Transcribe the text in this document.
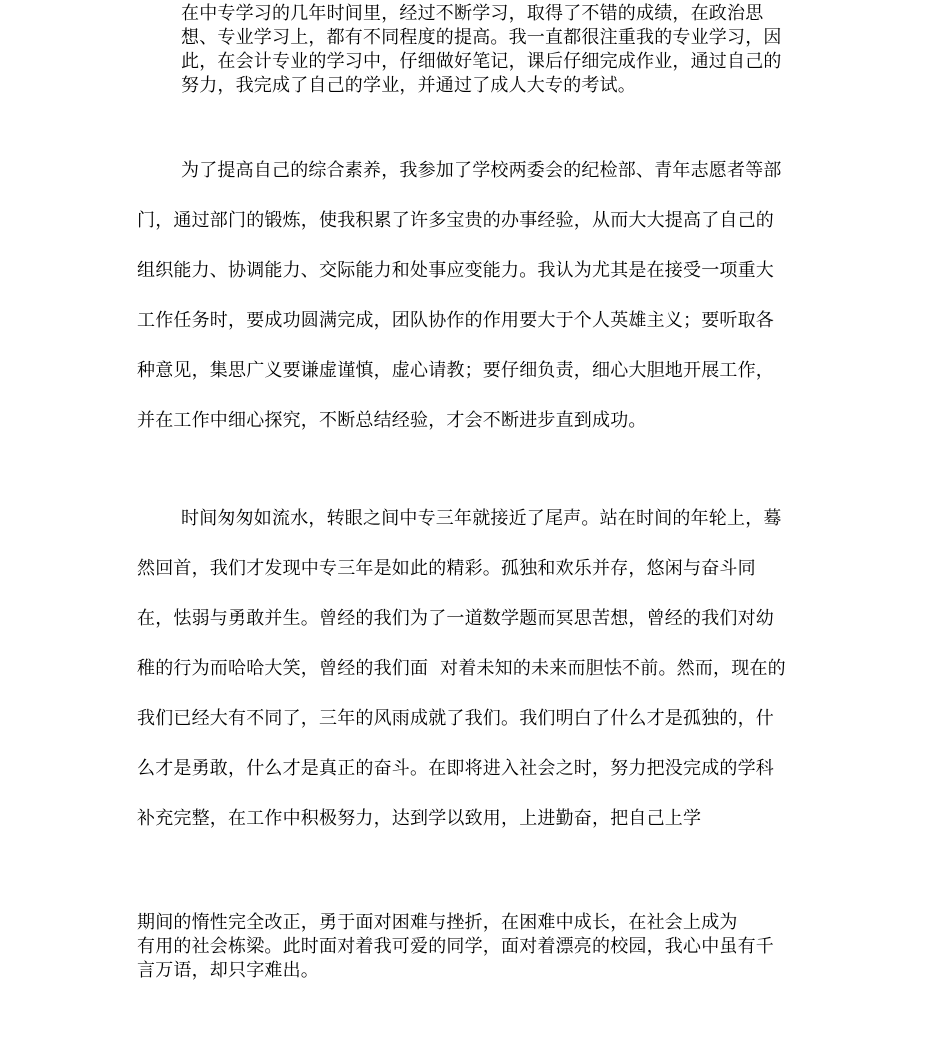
在中专学习的几年时间里，经过不断学习，取得了不错的成绩，在政治思
想、专业学习上，都有不同程度的提高。我一直都很注重我的专业学习，因
此，在会计专业的学习中，仔细做好笔记，课后仔细完成作业，通过自己的
努力，我完成了自己的学业，并通过了成人大专的考试。
为了提高自己的综合素养，我参加了学校两委会的纪检部、青年志愿者等部
门，通过部门的锻炼，使我积累了许多宝贵的办事经验，从而大大提高了自己的
组织能力、协调能力、交际能力和处事应变能力。我认为尤其是在接受一项重大
工作任务时，要成功圆满完成，团队协作的作用要大于个人英雄主义；要听取各
种意见，集思广义要谦虚谨慎，虚心请教；要仔细负责，细心大胆地开展工作，
并在工作中细心探究，不断总结经验，才会不断进步直到成功。
时间匆匆如流水，转眼之间中专三年就接近了尾声。站在时间的年轮上，蓦
然回首，我们才发现中专三年是如此的精彩。孤独和欢乐并存，悠闲与奋斗同
在，怯弱与勇敢并生。曾经的我们为了一道数学题而冥思苦想，曾经的我们对幼
稚的行为而哈哈大笑，曾经的我们面  对着未知的未来而胆怯不前。然而，现在的
我们已经大有不同了，三年的风雨成就了我们。我们明白了什么才是孤独的，什
么才是勇敢，什么才是真正的奋斗。在即将进入社会之时，努力把没完成的学科
补充完整，在工作中积极努力，达到学以致用，上进勤奋，把自己上学
期间的惰性完全改正，勇于面对困难与挫折，在困难中成长，在社会上成为
有用的社会栋梁。此时面对着我可爱的同学，面对着漂亮的校园，我心中虽有千
言万语，却只字难出。
